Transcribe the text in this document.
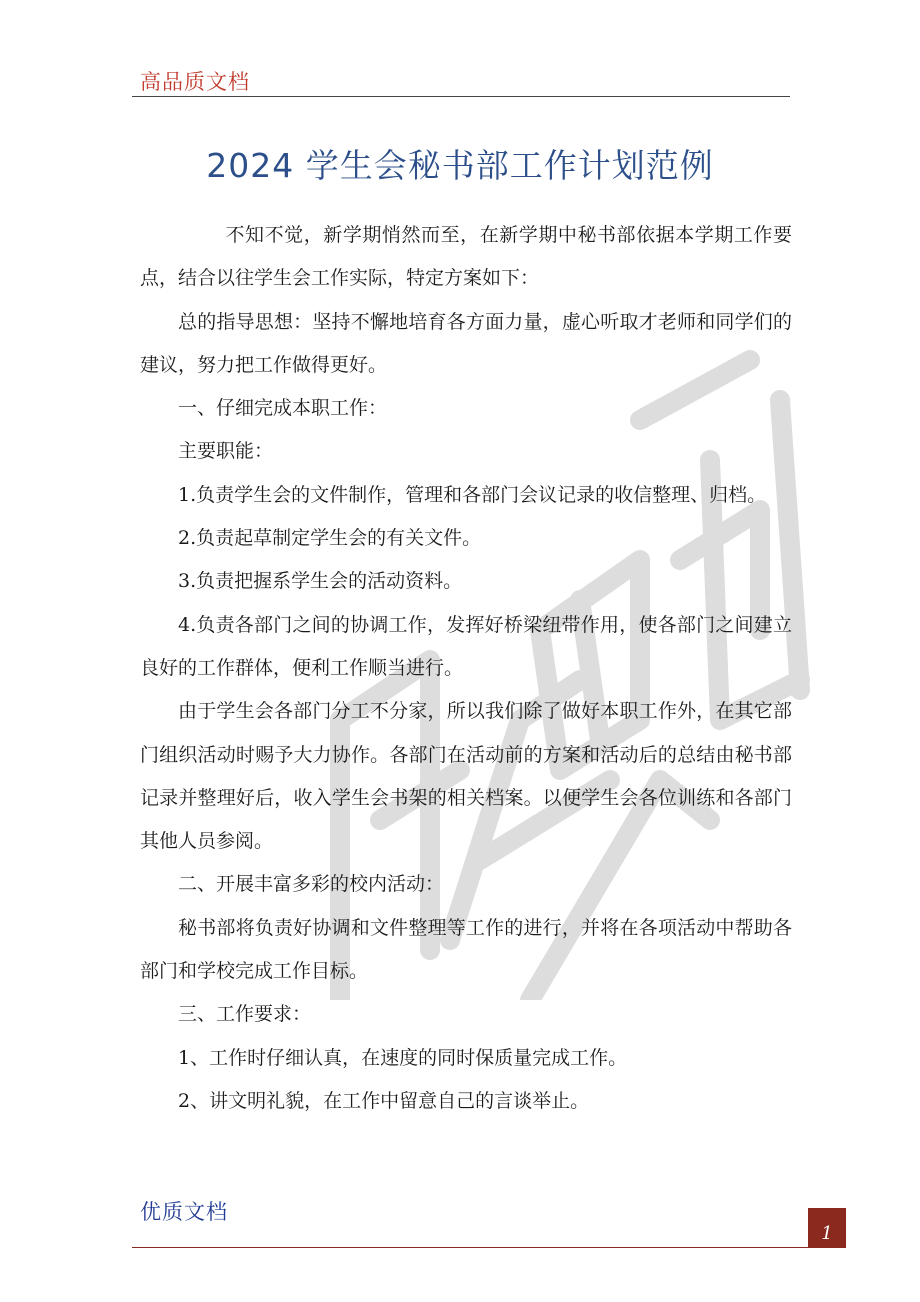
高品质文档
2024 学生会秘书部工作计划范例

不知不觉，新学期悄然而至，在新学期中秘书部依据本学期工作要点，结合以往学生会工作实际，特定方案如下：

总的指导思想：坚持不懈地培育各方面力量，虚心听取才老师和同学们的建议，努力把工作做得更好。

一、仔细完成本职工作：

主要职能：

1.负责学生会的文件制作，管理和各部门会议记录的收信整理、归档。

2.负责起草制定学生会的有关文件。

3.负责把握系学生会的活动资料。

4.负责各部门之间的协调工作，发挥好桥梁纽带作用，使各部门之间建立良好的工作群体，便利工作顺当进行。

由于学生会各部门分工不分家，所以我们除了做好本职工作外，在其它部门组织活动时赐予大力协作。各部门在活动前的方案和活动后的总结由秘书部记录并整理好后，收入学生会书架的相关档案。以便学生会各位训练和各部门其他人员参阅。

二、开展丰富多彩的校内活动：

秘书部将负责好协调和文件整理等工作的进行，并将在各项活动中帮助各部门和学校完成工作目标。

三、工作要求：

1、工作时仔细认真，在速度的同时保质量完成工作。

2、讲文明礼貌，在工作中留意自己的言谈举止。

优质文档
1
